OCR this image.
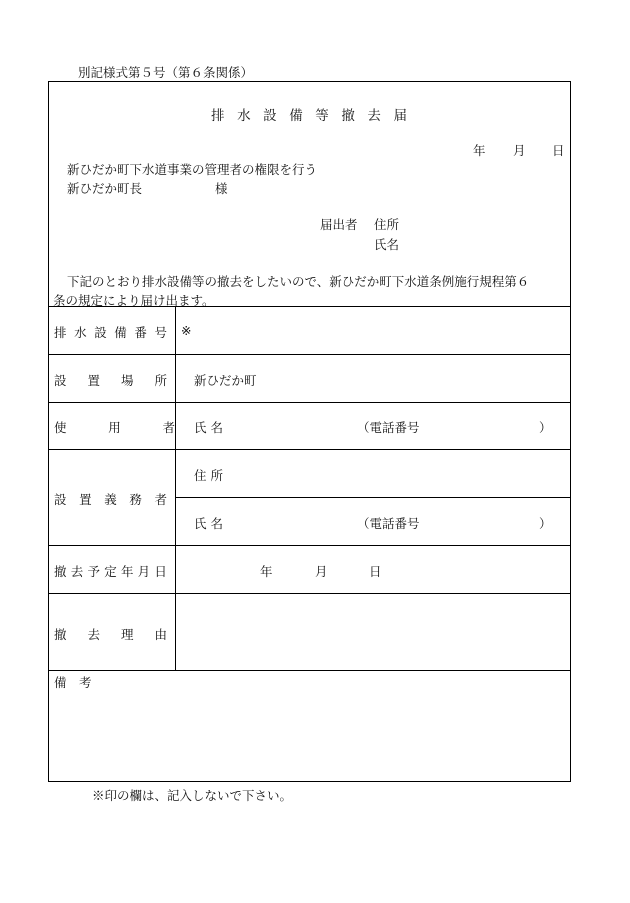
別記様式第５号（第６条関係）
排 水 設 備 等 撤 去 届
年 月 日
新ひだか町下水道事業の管理者の権限を行う
新ひだか町長	様
届出者 住所
氏名
下記のとおり排水設備等の撤去をしたいので、新ひだか町下水道条例施行規程第６
条の規定により届け出ます。
排 水 設 備 番 号 ※
設 置 場 所 新ひだか町
使	用	者 氏 名	（電話番号	）
設 置 義 務 者
住 所
氏 名	（電話番号	）
撤 去 予 定 年 月 日	年	月	日
撤 去 理 由
備　考
※印の欄は、記入しないで下さい。
